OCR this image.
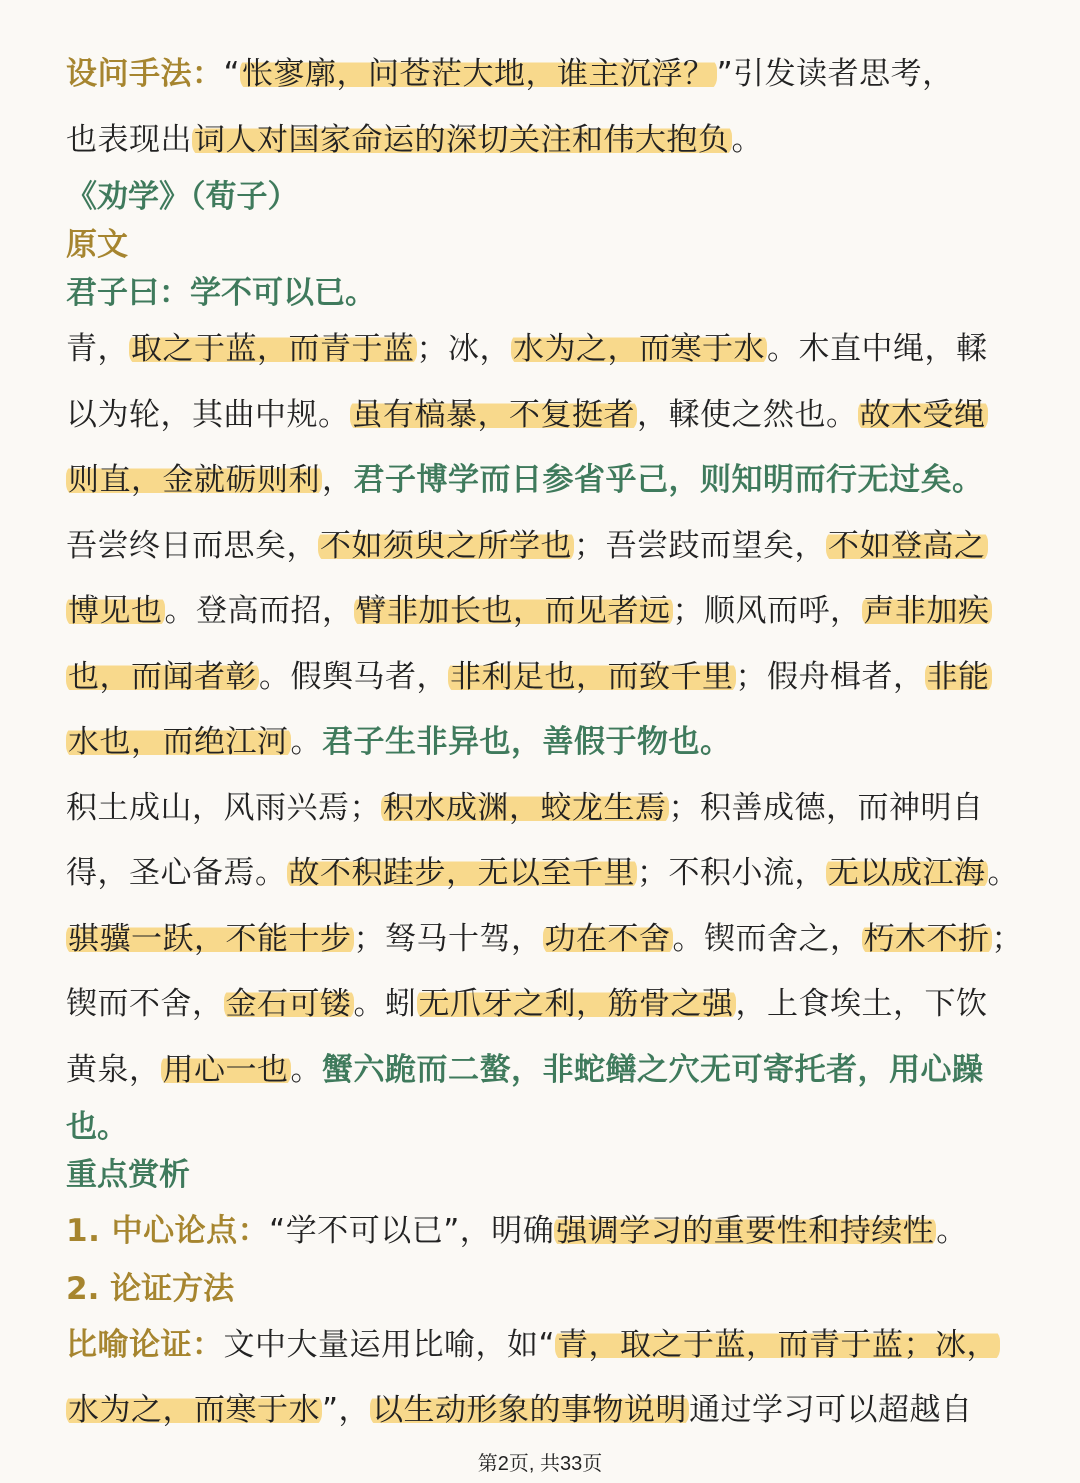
设问手法：“怅寥廓，问苍茫大地，谁主沉浮？”引发读者思考，
也表现出词人对国家命运的深切关注和伟大抱负。
《劝学》（荀子）
原文
君子曰：学不可以已。
青，取之于蓝，而青于蓝；冰，水为之，而寒于水。木直中绳，輮
以为轮，其曲中规。虽有槁暴，不复挺者，輮使之然也。故木受绳
则直，金就砺则利，君子博学而日参省乎己，则知明而行无过矣。
吾尝终日而思矣，不如须臾之所学也；吾尝跂而望矣，不如登高之
博见也。登高而招，臂非加长也，而见者远；顺风而呼，声非加疾
也，而闻者彰。假舆马者，非利足也，而致千里；假舟楫者，非能
水也，而绝江河。君子生非异也，善假于物也。
积土成山，风雨兴焉；积水成渊，蛟龙生焉；积善成德，而神明自
得，圣心备焉。故不积跬步，无以至千里；不积小流，无以成江海。
骐骥一跃，不能十步；驽马十驾，功在不舍。锲而舍之，朽木不折；
锲而不舍，金石可镂。蚓无爪牙之利，筋骨之强，上食埃土，下饮
黄泉，用心一也。蟹六跪而二螯，非蛇鳝之穴无可寄托者，用心躁
也。
重点赏析
1. 中心论点：“学不可以已”，明确强调学习的重要性和持续性。
2. 论证方法
比喻论证：文中大量运用比喻，如“青，取之于蓝，而青于蓝；冰，
水为之，而寒于水”，以生动形象的事物说明通过学习可以超越自
第2页, 共33页
